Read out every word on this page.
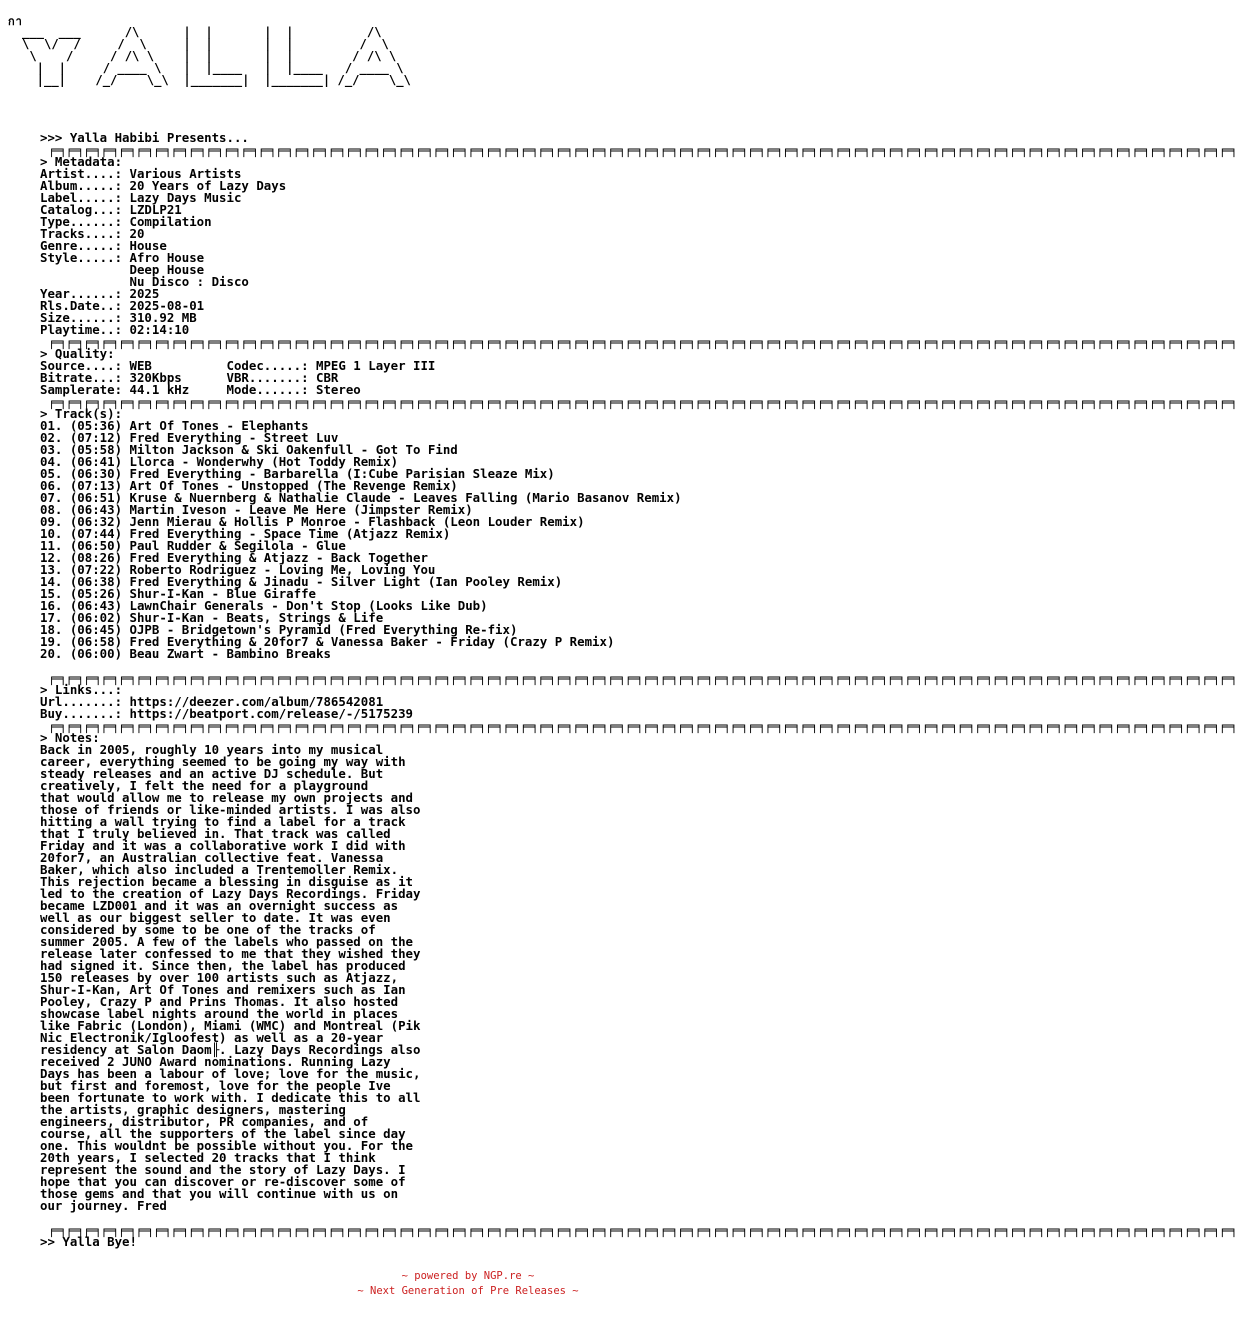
กา
___  ___      /\      |  |       |  |          /\
\  \/  /     /  \     |  |       |  |         /  \
\    /     / /\ \    |  |       |  |        / /\ \
|  |     / ____ \   |  |____   |  |____   / ____ \
|__|    /_/    \_\  |_______|  |_______| /_/    \_\
>>> Yalla Habibi Presents...
╒═╕╒═╕╒═╕╒═╕╒═╕╒═╕╒═╕╒═╕╒═╕╒═╕╒═╕╒═╕╒═╕╒═╕╒═╕╒═╕╒═╕╒═╕╒═╕╒═╕╒═╕╒═╕╒═╕╒═╕╒═╕╒═╕╒═╕╒═╕╒═╕╒═╕╒═╕╒═╕╒═╕╒═╕╒═╕╒═╕╒═╕╒═╕╒═╕╒═╕╒═╕╒═╕╒═╕╒═╕╒═╕╒═╕╒═╕╒═╕╒═╕╒═╕╒═╕╒═╕╒═╕╒═╕╒═╕╒═╕╒═╕╒═╕╒═╕╒═╕╒═╕╒═╕╒═╕╒═╕╒═╕╒═╕╒═╕╒═╕
> Metadata:
Artist....: Various Artists
Album.....: 20 Years of Lazy Days
Label.....: Lazy Days Music
Catalog...: LZDLP21
Type......: Compilation
Tracks....: 20
Genre.....: House
Style.....: Afro House
Deep House
Nu Disco : Disco
Year......: 2025
Rls.Date..: 2025-08-01
Size......: 310.92 MB
Playtime..: 02:14:10
╒═╕╒═╕╒═╕╒═╕╒═╕╒═╕╒═╕╒═╕╒═╕╒═╕╒═╕╒═╕╒═╕╒═╕╒═╕╒═╕╒═╕╒═╕╒═╕╒═╕╒═╕╒═╕╒═╕╒═╕╒═╕╒═╕╒═╕╒═╕╒═╕╒═╕╒═╕╒═╕╒═╕╒═╕╒═╕╒═╕╒═╕╒═╕╒═╕╒═╕╒═╕╒═╕╒═╕╒═╕╒═╕╒═╕╒═╕╒═╕╒═╕╒═╕╒═╕╒═╕╒═╕╒═╕╒═╕╒═╕╒═╕╒═╕╒═╕╒═╕╒═╕╒═╕╒═╕╒═╕╒═╕╒═╕╒═╕╒═╕
> Quality:
Source....: WEB          Codec.....: MPEG 1 Layer III
Bitrate...: 320Kbps      VBR.......: CBR
Samplerate: 44.1 kHz     Mode......: Stereo
╒═╕╒═╕╒═╕╒═╕╒═╕╒═╕╒═╕╒═╕╒═╕╒═╕╒═╕╒═╕╒═╕╒═╕╒═╕╒═╕╒═╕╒═╕╒═╕╒═╕╒═╕╒═╕╒═╕╒═╕╒═╕╒═╕╒═╕╒═╕╒═╕╒═╕╒═╕╒═╕╒═╕╒═╕╒═╕╒═╕╒═╕╒═╕╒═╕╒═╕╒═╕╒═╕╒═╕╒═╕╒═╕╒═╕╒═╕╒═╕╒═╕╒═╕╒═╕╒═╕╒═╕╒═╕╒═╕╒═╕╒═╕╒═╕╒═╕╒═╕╒═╕╒═╕╒═╕╒═╕╒═╕╒═╕╒═╕╒═╕
> Track(s):
01. (05:36) Art Of Tones - Elephants
02. (07:12) Fred Everything - Street Luv
03. (05:58) Milton Jackson & Ski Oakenfull - Got To Find
04. (06:41) Llorca - Wonderwhy (Hot Toddy Remix)
05. (06:30) Fred Everything - Barbarella (I:Cube Parisian Sleaze Mix)
06. (07:13) Art Of Tones - Unstopped (The Revenge Remix)
07. (06:51) Kruse & Nuernberg & Nathalie Claude - Leaves Falling (Mario Basanov Remix)
08. (06:43) Martin Iveson - Leave Me Here (Jimpster Remix)
09. (06:32) Jenn Mierau & Hollis P Monroe - Flashback (Leon Louder Remix)
10. (07:44) Fred Everything - Space Time (Atjazz Remix)
11. (06:50) Paul Rudder & Segilola - Glue
12. (08:26) Fred Everything & Atjazz - Back Together
13. (07:22) Roberto Rodriguez - Loving Me, Loving You
14. (06:38) Fred Everything & Jinadu - Silver Light (Ian Pooley Remix)
15. (05:26) Shur-I-Kan - Blue Giraffe
16. (06:43) LawnChair Generals - Don't Stop (Looks Like Dub)
17. (06:02) Shur-I-Kan - Beats, Strings & Life
18. (06:45) OJPB - Bridgetown's Pyramid (Fred Everything Re-fix)
19. (06:58) Fred Everything & 20for7 & Vanessa Baker - Friday (Crazy P Remix)
20. (06:00) Beau Zwart - Bambino Breaks
╒═╕╒═╕╒═╕╒═╕╒═╕╒═╕╒═╕╒═╕╒═╕╒═╕╒═╕╒═╕╒═╕╒═╕╒═╕╒═╕╒═╕╒═╕╒═╕╒═╕╒═╕╒═╕╒═╕╒═╕╒═╕╒═╕╒═╕╒═╕╒═╕╒═╕╒═╕╒═╕╒═╕╒═╕╒═╕╒═╕╒═╕╒═╕╒═╕╒═╕╒═╕╒═╕╒═╕╒═╕╒═╕╒═╕╒═╕╒═╕╒═╕╒═╕╒═╕╒═╕╒═╕╒═╕╒═╕╒═╕╒═╕╒═╕╒═╕╒═╕╒═╕╒═╕╒═╕╒═╕╒═╕╒═╕╒═╕╒═╕
> Links...:
Url.......: https://deezer.com/album/786542081
Buy.......: https://beatport.com/release/-/5175239
╒═╕╒═╕╒═╕╒═╕╒═╕╒═╕╒═╕╒═╕╒═╕╒═╕╒═╕╒═╕╒═╕╒═╕╒═╕╒═╕╒═╕╒═╕╒═╕╒═╕╒═╕╒═╕╒═╕╒═╕╒═╕╒═╕╒═╕╒═╕╒═╕╒═╕╒═╕╒═╕╒═╕╒═╕╒═╕╒═╕╒═╕╒═╕╒═╕╒═╕╒═╕╒═╕╒═╕╒═╕╒═╕╒═╕╒═╕╒═╕╒═╕╒═╕╒═╕╒═╕╒═╕╒═╕╒═╕╒═╕╒═╕╒═╕╒═╕╒═╕╒═╕╒═╕╒═╕╒═╕╒═╕╒═╕╒═╕╒═╕
> Notes:
Back in 2005, roughly 10 years into my musical
career, everything seemed to be going my way with
steady releases and an active DJ schedule. But
creatively, I felt the need for a playground
that would allow me to release my own projects and
those of friends or like-minded artists. I was also
hitting a wall trying to find a label for a track
that I truly believed in. That track was called
Friday and it was a collaborative work I did with
20for7, an Australian collective feat. Vanessa
Baker, which also included a Trentemoller Remix.
This rejection became a blessing in disguise as it
led to the creation of Lazy Days Recordings. Friday
became LZD001 and it was an overnight success as
well as our biggest seller to date. It was even
considered by some to be one of the tracks of
summer 2005. A few of the labels who passed on the
release later confessed to me that they wished they
had signed it. Since then, the label has produced
150 releases by over 100 artists such as Atjazz,
Shur-I-Kan, Art Of Tones and remixers such as Ian
Pooley, Crazy P and Prins Thomas. It also hosted
showcase label nights around the world in places
like Fabric (London), Miami (WMC) and Montreal (Pik
Nic Electronik/Igloofest) as well as a 20-year
residency at Salon Daom╟. Lazy Days Recordings also
received 2 JUNO Award nominations. Running Lazy
Days has been a labour of love; love for the music,
but first and foremost, love for the people Ive
been fortunate to work with. I dedicate this to all
the artists, graphic designers, mastering
engineers, distributor, PR companies, and of
course, all the supporters of the label since day
one. This wouldnt be possible without you. For the
20th years, I selected 20 tracks that I think
represent the sound and the story of Lazy Days. I
hope that you can discover or re-discover some of
those gems and that you will continue with us on
our journey. Fred
╒═╕╒═╕╒═╕╒═╕╒═╕╒═╕╒═╕╒═╕╒═╕╒═╕╒═╕╒═╕╒═╕╒═╕╒═╕╒═╕╒═╕╒═╕╒═╕╒═╕╒═╕╒═╕╒═╕╒═╕╒═╕╒═╕╒═╕╒═╕╒═╕╒═╕╒═╕╒═╕╒═╕╒═╕╒═╕╒═╕╒═╕╒═╕╒═╕╒═╕╒═╕╒═╕╒═╕╒═╕╒═╕╒═╕╒═╕╒═╕╒═╕╒═╕╒═╕╒═╕╒═╕╒═╕╒═╕╒═╕╒═╕╒═╕╒═╕╒═╕╒═╕╒═╕╒═╕╒═╕╒═╕╒═╕╒═╕╒═╕
>> Yalla Bye!
~ powered by NGP.re ~
~ Next Generation of Pre Releases ~
